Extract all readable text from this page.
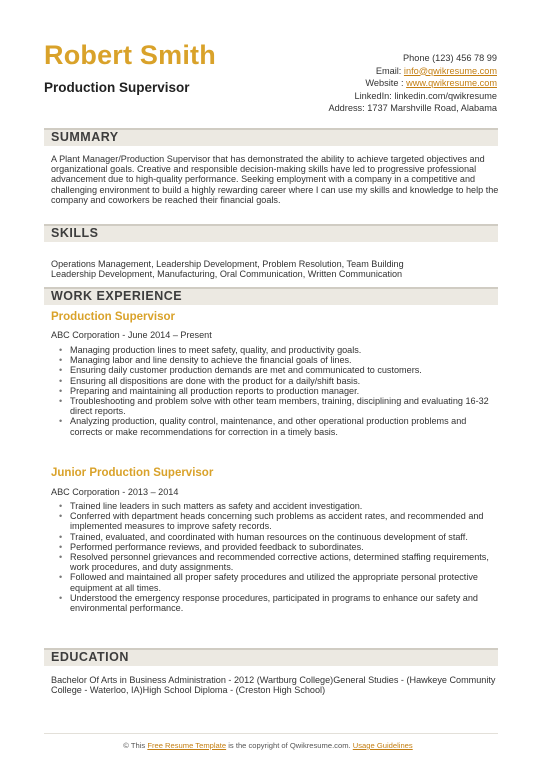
Robert Smith
Production Supervisor
Phone (123) 456 78 99
Email: info@qwikresume.com
Website : www.qwikresume.com
LinkedIn: linkedin.com/qwikresume
Address: 1737 Marshville Road, Alabama
SUMMARY
A Plant Manager/Production Supervisor that has demonstrated the ability to achieve targeted objectives and organizational goals. Creative and responsible decision-making skills have led to progressive professional advancement due to high-quality performance. Seeking employment with a company in a competitive and challenging environment to build a highly rewarding career where I can use my skills and knowledge to help the company and coworkers be reached their financial goals.
SKILLS
Operations Management, Leadership Development, Problem Resolution, Team Building
Leadership Development, Manufacturing, Oral Communication, Written Communication
WORK EXPERIENCE
Production Supervisor
ABC Corporation - June 2014 – Present
• Managing production lines to meet safety, quality, and productivity goals.
• Managing labor and line density to achieve the financial goals of lines.
• Ensuring daily customer production demands are met and communicated to customers.
• Ensuring all dispositions are done with the product for a daily/shift basis.
• Preparing and maintaining all production reports to production manager.
• Troubleshooting and problem solve with other team members, training, disciplining and evaluating 16-32 direct reports.
• Analyzing production, quality control, maintenance, and other operational production problems and corrects or make recommendations for correction in a timely basis.
Junior Production Supervisor
ABC Corporation - 2013 – 2014
• Trained line leaders in such matters as safety and accident investigation.
• Conferred with department heads concerning such problems as accident rates, and recommended and implemented measures to improve safety records.
• Trained, evaluated, and coordinated with human resources on the continuous development of staff.
• Performed performance reviews, and provided feedback to subordinates.
• Resolved personnel grievances and recommended corrective actions, determined staffing requirements, work procedures, and duty assignments.
• Followed and maintained all proper safety procedures and utilized the appropriate personal protective equipment at all times.
• Understood the emergency response procedures, participated in programs to enhance our safety and environmental performance.
EDUCATION
Bachelor Of Arts in Business Administration - 2012 (Wartburg College)General Studies - (Hawkeye Community College - Waterloo, IA)High School Diploma - (Creston High School)
© This Free Resume Template is the copyright of Qwikresume.com. Usage Guidelines
